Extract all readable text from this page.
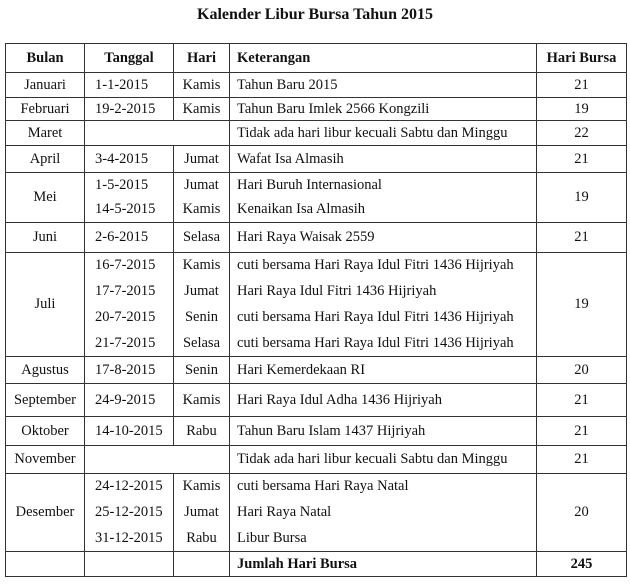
Kalender Libur Bursa Tahun 2015
Bulan	Tanggal	Hari	Keterangan	Hari Bursa
Januari	1-1-2015	Kamis	Tahun Baru 2015	21
Februari	19-2-2015	Kamis	Tahun Baru Imlek 2566 Kongzili	19
Maret			Tidak ada hari libur kecuali Sabtu dan Minggu	22
April	3-4-2015	Jumat	Wafat Isa Almasih	21
Mei	1-5-2015	Jumat	Hari Buruh Internasional	19
	14-5-2015	Kamis	Kenaikan Isa Almasih	
Juni	2-6-2015	Selasa	Hari Raya Waisak 2559	21
Juli	16-7-2015	Kamis	cuti bersama Hari Raya Idul Fitri 1436 Hijriyah	19
	17-7-2015	Jumat	Hari Raya Idul Fitri 1436 Hijriyah	
	20-7-2015	Senin	cuti bersama Hari Raya Idul Fitri 1436 Hijriyah	
	21-7-2015	Selasa	cuti bersama Hari Raya Idul Fitri 1436 Hijriyah	
Agustus	17-8-2015	Senin	Hari Kemerdekaan RI	20
September	24-9-2015	Kamis	Hari Raya Idul Adha 1436 Hijriyah	21
Oktober	14-10-2015	Rabu	Tahun Baru Islam 1437 Hijriyah	21
November			Tidak ada hari libur kecuali Sabtu dan Minggu	21
Desember	24-12-2015	Kamis	cuti bersama Hari Raya Natal	20
	25-12-2015	Jumat	Hari Raya Natal	
	31-12-2015	Rabu	Libur Bursa	
			Jumlah Hari Bursa	245
